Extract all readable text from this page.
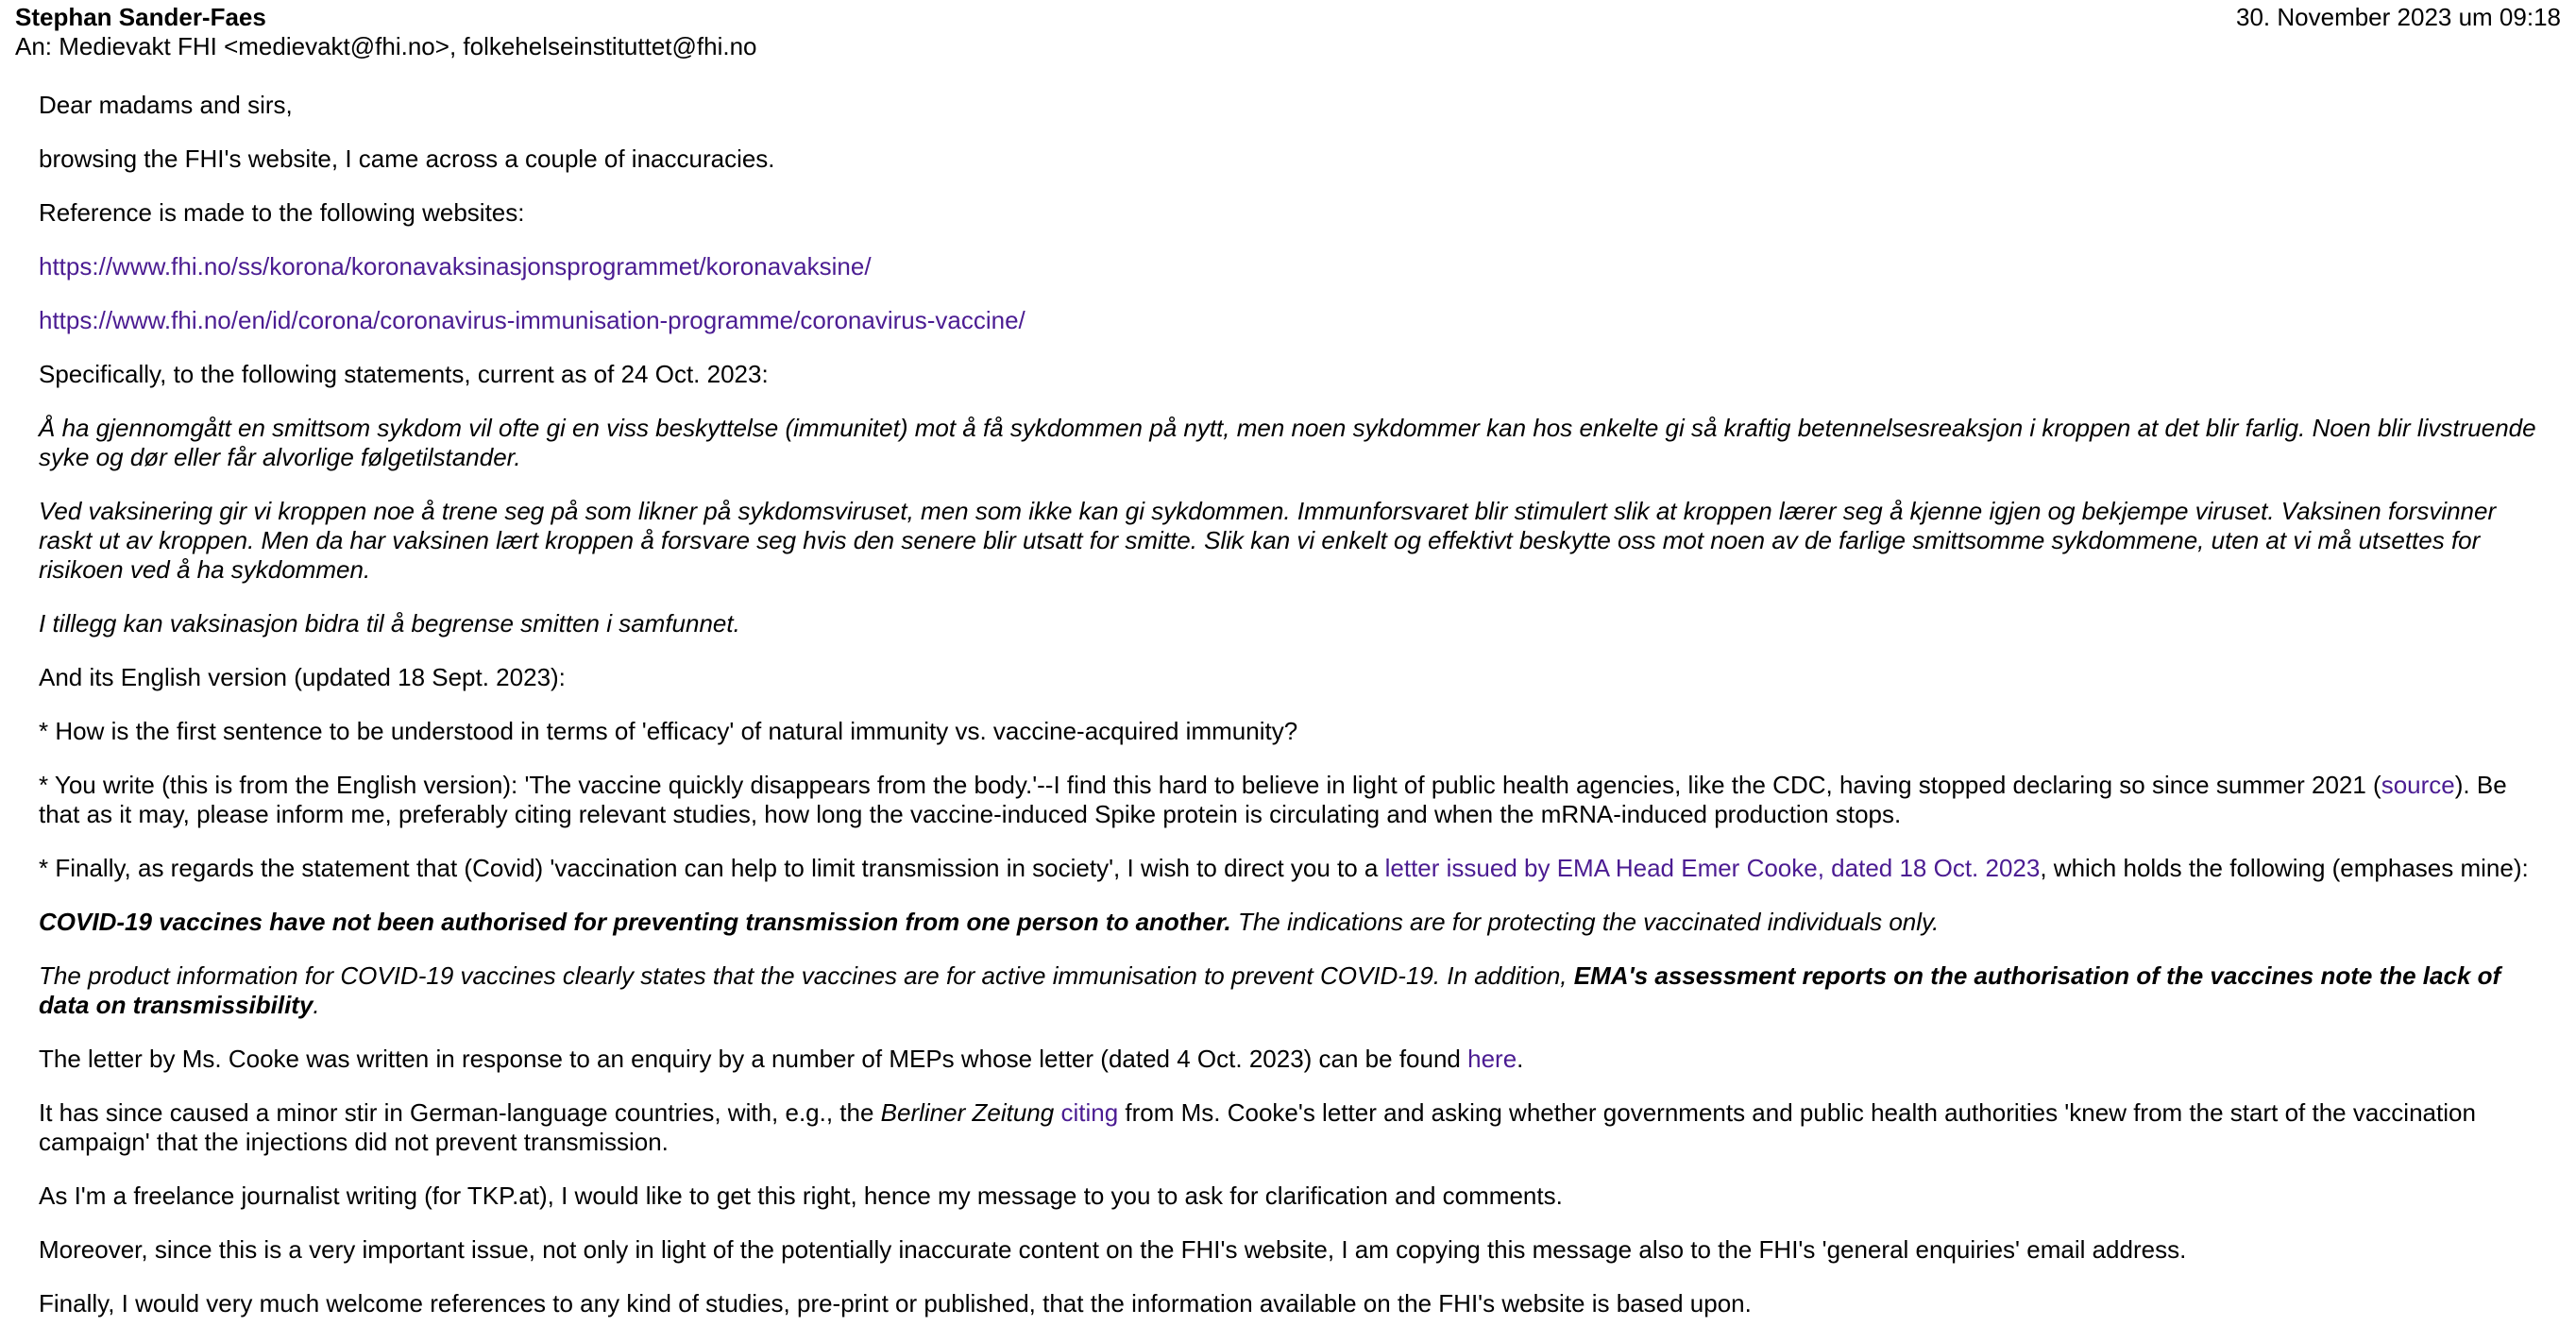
Stephan Sander-Faes	30. November 2023 um 09:18
An: Medievakt FHI <medievakt@fhi.no>, folkehelseinstituttet@fhi.no

Dear madams and sirs,

browsing the FHI's website, I came across a couple of inaccuracies.

Reference is made to the following websites:

https://www.fhi.no/ss/korona/koronavaksinasjonsprogrammet/koronavaksine/

https://www.fhi.no/en/id/corona/coronavirus-immunisation-programme/coronavirus-vaccine/

Specifically, to the following statements, current as of 24 Oct. 2023:

Å ha gjennomgått en smittsom sykdom vil ofte gi en viss beskyttelse (immunitet) mot å få sykdommen på nytt, men noen sykdommer kan hos enkelte gi så kraftig betennelsesreaksjon i kroppen at det blir farlig. Noen blir livstruende syke og dør eller får alvorlige følgetilstander.

Ved vaksinering gir vi kroppen noe å trene seg på som likner på sykdomsviruset, men som ikke kan gi sykdommen. Immunforsvaret blir stimulert slik at kroppen lærer seg å kjenne igjen og bekjempe viruset. Vaksinen forsvinner raskt ut av kroppen. Men da har vaksinen lært kroppen å forsvare seg hvis den senere blir utsatt for smitte. Slik kan vi enkelt og effektivt beskytte oss mot noen av de farlige smittsomme sykdommene, uten at vi må utsettes for risikoen ved å ha sykdommen.

I tillegg kan vaksinasjon bidra til å begrense smitten i samfunnet.

And its English version (updated 18 Sept. 2023):

* How is the first sentence to be understood in terms of 'efficacy' of natural immunity vs. vaccine-acquired immunity?

* You write (this is from the English version): 'The vaccine quickly disappears from the body.'--I find this hard to believe in light of public health agencies, like the CDC, having stopped declaring so since summer 2021 (source). Be that as it may, please inform me, preferably citing relevant studies, how long the vaccine-induced Spike protein is circulating and when the mRNA-induced production stops.

* Finally, as regards the statement that (Covid) 'vaccination can help to limit transmission in society', I wish to direct you to a letter issued by EMA Head Emer Cooke, dated 18 Oct. 2023, which holds the following (emphases mine):

COVID-19 vaccines have not been authorised for preventing transmission from one person to another. The indications are for protecting the vaccinated individuals only.

The product information for COVID-19 vaccines clearly states that the vaccines are for active immunisation to prevent COVID-19. In addition, EMA's assessment reports on the authorisation of the vaccines note the lack of data on transmissibility.

The letter by Ms. Cooke was written in response to an enquiry by a number of MEPs whose letter (dated 4 Oct. 2023) can be found here.

It has since caused a minor stir in German-language countries, with, e.g., the Berliner Zeitung citing from Ms. Cooke's letter and asking whether governments and public health authorities 'knew from the start of the vaccination campaign' that the injections did not prevent transmission.

As I'm a freelance journalist writing (for TKP.at), I would like to get this right, hence my message to you to ask for clarification and comments.

Moreover, since this is a very important issue, not only in light of the potentially inaccurate content on the FHI's website, I am copying this message also to the FHI's 'general enquiries' email address.

Finally, I would very much welcome references to any kind of studies, pre-print or published, that the information available on the FHI's website is based upon.
